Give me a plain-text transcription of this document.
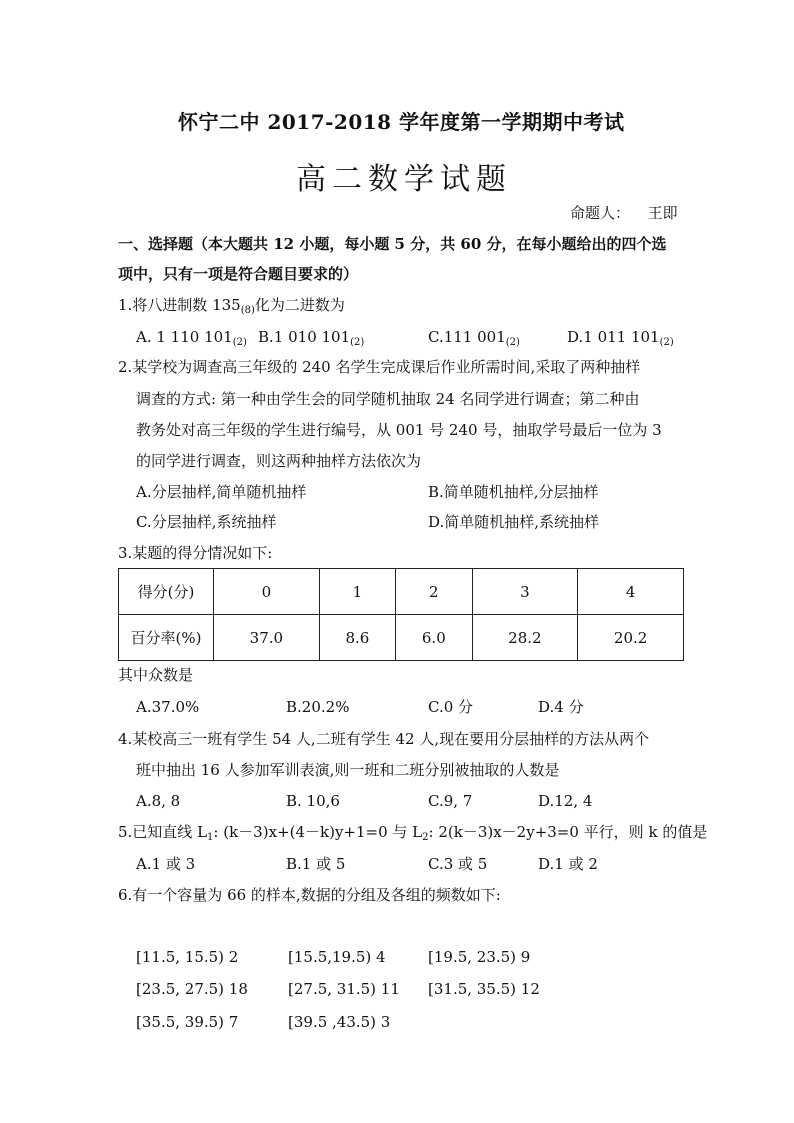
怀宁二中 2017-2018 学年度第一学期期中考试
高二数学试题
命题人： 王即
一、选择题（本大题共 12 小题，每小题 5 分，共 60 分，在每小题给出的四个选
项中，只有一项是符合题目要求的）
1.将八进制数 $135_{(8)}$化为二进数为
A. 1 110 $101_{(2)}$ B.1 010 $101_{(2)}$	C.111 $001_{(2)}$	D.1 011 $101_{(2)}$
2.某学校为调查高三年级的 240 名学生完成课后作业所需时间,采取了两种抽样
调查的方式: 第一种由学生会的同学随机抽取 24 名同学进行调查；第二种由
教务处对高三年级的学生进行编号，从 001 号 240 号，抽取学号最后一位为 3
的同学进行调查，则这两种抽样方法依次为
A.分层抽样,简单随机抽样	B.简单随机抽样,分层抽样
C.分层抽样,系统抽样	D.简单随机抽样,系统抽样
3.某题的得分情况如下:
得分(分)	0	1	2	3	4
百分率(%)	37.0	8.6	6.0	28.2	20.2
其中众数是
A.37.0%	B.20.2%	C.0 分	D.4 分
4.某校高三一班有学生 54 人,二班有学生 42 人,现在要用分层抽样的方法从两个
班中抽出 16 人参加军训表演,则一班和二班分别被抽取的人数是
A.8, 8	B. 10,6	C.9, 7	D.12, 4
5.已知直线 $L_1$: (k－3)x+(4－k)y+1=0 与 $L_2$: 2(k－3)x－2y+3=0 平行，则 k 的值是
A.1 或 3	B.1 或 5	C.3 或 5	D.1 或 2
6.有一个容量为 66 的样本,数据的分组及各组的频数如下:
[11.5, 15.5) 2	[15.5,19.5) 4	[19.5, 23.5) 9
[23.5, 27.5) 18	[27.5, 31.5) 11 [31.5, 35.5) 12
[35.5, 39.5) 7	[39.5 ,43.5) 3
